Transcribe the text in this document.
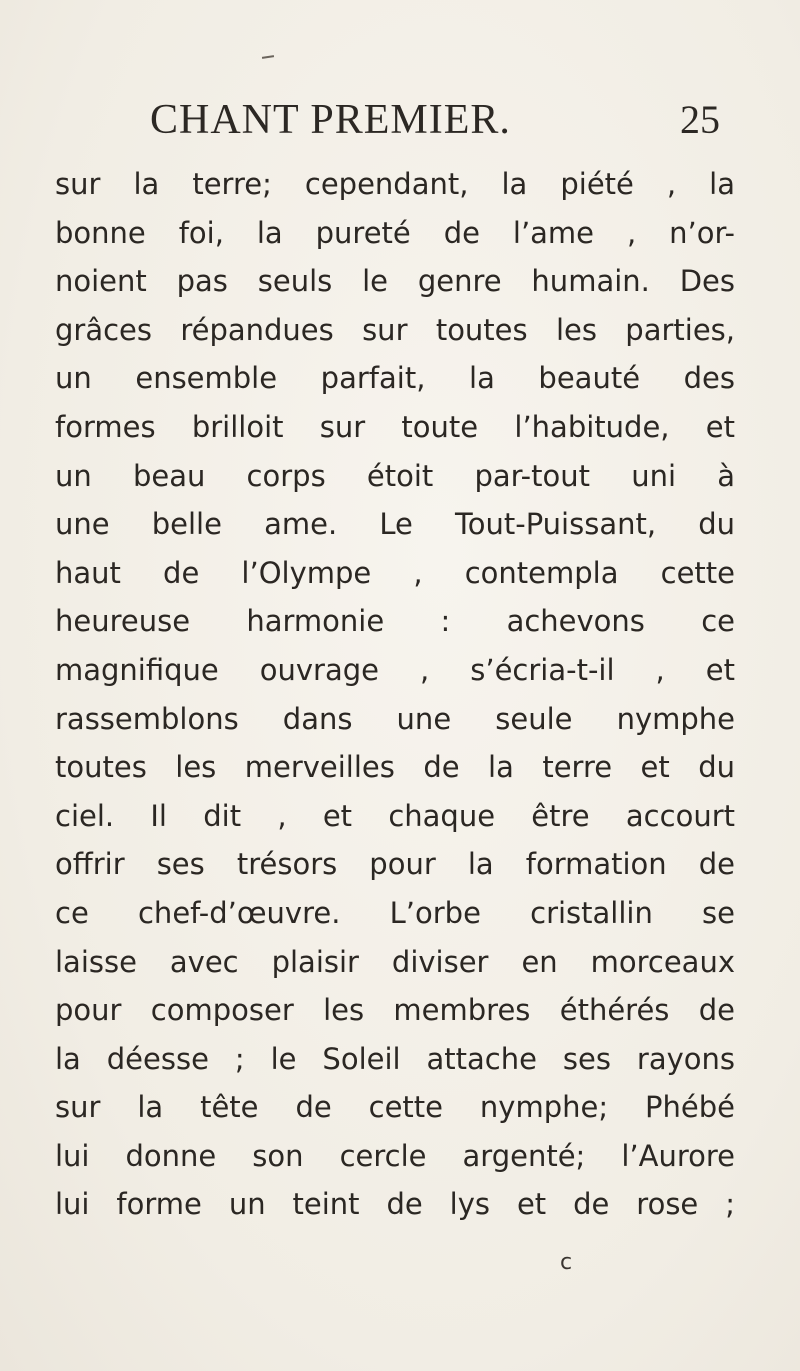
CHANT PREMIER.	25
sur la terre; cependant, la piété , la
bonne foi, la pureté de l’ame , n’or-
noient pas seuls le genre humain. Des
grâces répandues sur toutes les parties,
un ensemble parfait, la beauté des
formes brilloit sur toute l’habitude, et
un beau corps étoit par-tout uni à
une belle ame. Le Tout-Puissant, du
haut de l’Olympe , contempla cette
heureuse harmonie : achevons ce
magnifique ouvrage , s’écria-t-il , et
rassemblons dans une seule nymphe
toutes les merveilles de la terre et du
ciel. Il dit , et chaque être accourt
offrir ses trésors pour la formation de
ce chef-d’œuvre. L’orbe cristallin se
laisse avec plaisir diviser en morceaux
pour composer les membres éthérés de
la déesse ; le Soleil attache ses rayons
sur la tête de cette nymphe; Phébé
lui donne son cercle argenté; l’Aurore
lui forme un teint de lys et de rose ;
c
